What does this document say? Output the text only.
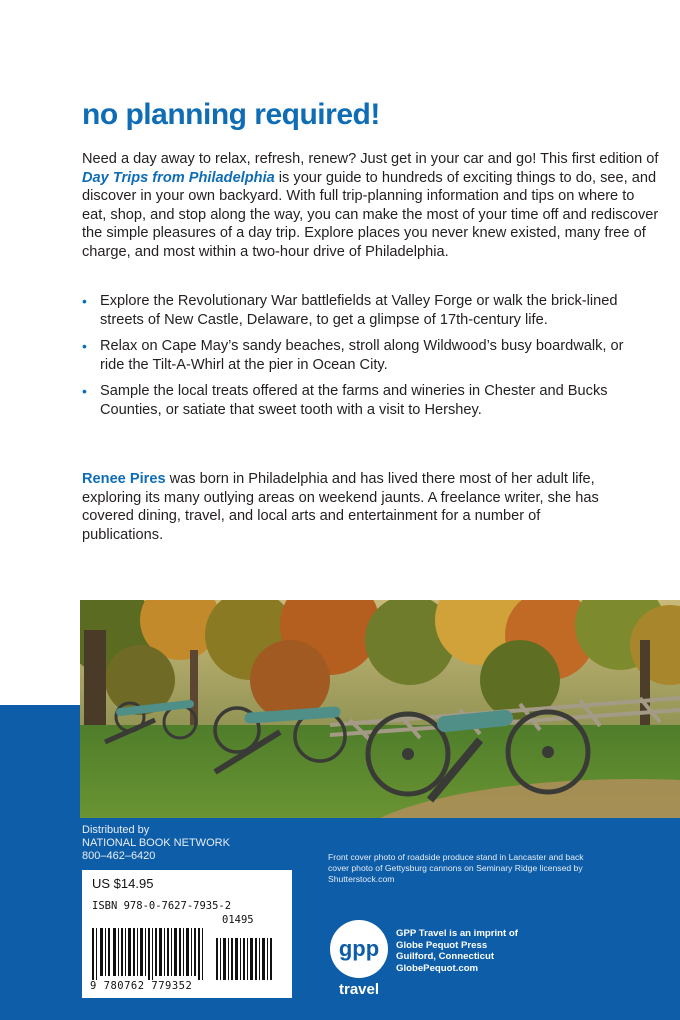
no planning required!

Need a day away to relax, refresh, renew? Just get in your car and go! This first edition of Day Trips from Philadelphia is your guide to hundreds of exciting things to do, see, and discover in your own backyard. With full trip-planning information and tips on where to eat, shop, and stop along the way, you can make the most of your time off and rediscover the simple pleasures of a day trip. Explore places you never knew existed, many free of charge, and most within a two-hour drive of Philadelphia.

• Explore the Revolutionary War battlefields at Valley Forge or walk the brick-lined streets of New Castle, Delaware, to get a glimpse of 17th-century life.
• Relax on Cape May’s sandy beaches, stroll along Wildwood’s busy boardwalk, or ride the Tilt-A-Whirl at the pier in Ocean City.
• Sample the local treats offered at the farms and wineries in Chester and Bucks Counties, or satiate that sweet tooth with a visit to Hershey.

Renee Pires was born in Philadelphia and has lived there most of her adult life, exploring its many outlying areas on weekend jaunts. A freelance writer, she has covered dining, travel, and local arts and entertainment for a number of publications.

Distributed by
NATIONAL BOOK NETWORK
800–462–6420
US $14.95
ISBN 978-0-7627-7935-2
01495
9 780762 779352
Front cover photo of roadside produce stand in Lancaster and back cover photo of Gettysburg cannons on Seminary Ridge licensed by Shutterstock.com
gpp
travel
GPP Travel is an imprint of
Globe Pequot Press
Guilford, Connecticut
GlobePequot.com
